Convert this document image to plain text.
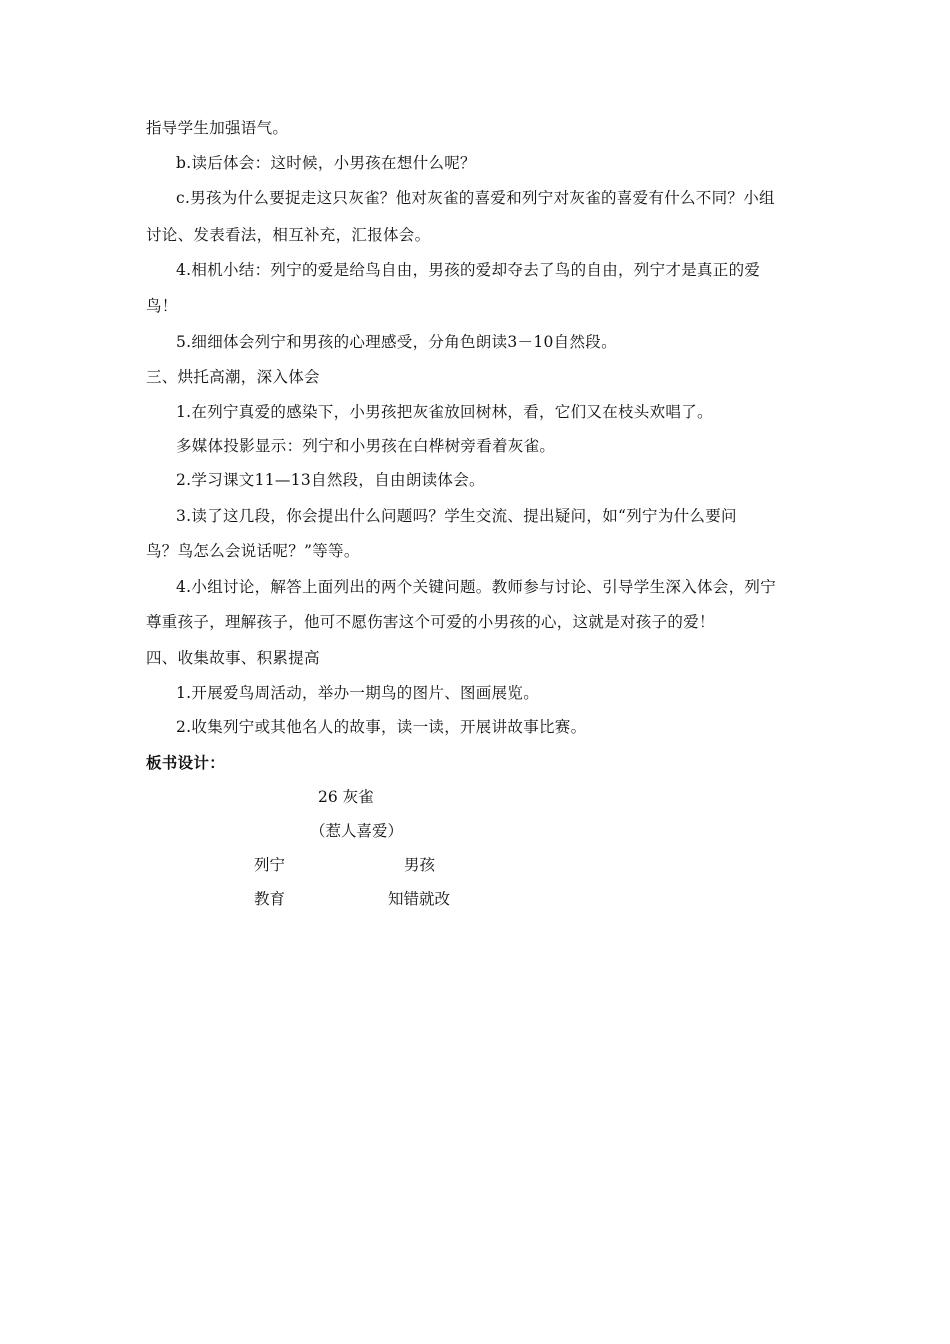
指导学生加强语气。
b.读后体会：这时候，小男孩在想什么呢？
c.男孩为什么要捉走这只灰雀？他对灰雀的喜爱和列宁对灰雀的喜爱有什么不同？小组
讨论、发表看法，相互补充，汇报体会。
4.相机小结：列宁的爱是给鸟自由，男孩的爱却夺去了鸟的自由，列宁才是真正的爱
鸟！
5.细细体会列宁和男孩的心理感受，分角色朗读3－10自然段。
三、烘托高潮，深入体会
1.在列宁真爱的感染下，小男孩把灰雀放回树林，看，它们又在枝头欢唱了。
多媒体投影显示：列宁和小男孩在白桦树旁看着灰雀。
2.学习课文11—13自然段，自由朗读体会。
3.读了这几段，你会提出什么问题吗？学生交流、提出疑问，如“列宁为什么要问
鸟？鸟怎么会说话呢？”等等。
4.小组讨论，解答上面列出的两个关键问题。教师参与讨论、引导学生深入体会，列宁
尊重孩子，理解孩子，他可不愿伤害这个可爱的小男孩的心，这就是对孩子的爱！
四、收集故事、积累提高
1.开展爱鸟周活动，举办一期鸟的图片、图画展览。
2.收集列宁或其他名人的故事，读一读，开展讲故事比赛。
板书设计：
26 灰雀
（惹人喜爱）
列宁	男孩
教育	知错就改
